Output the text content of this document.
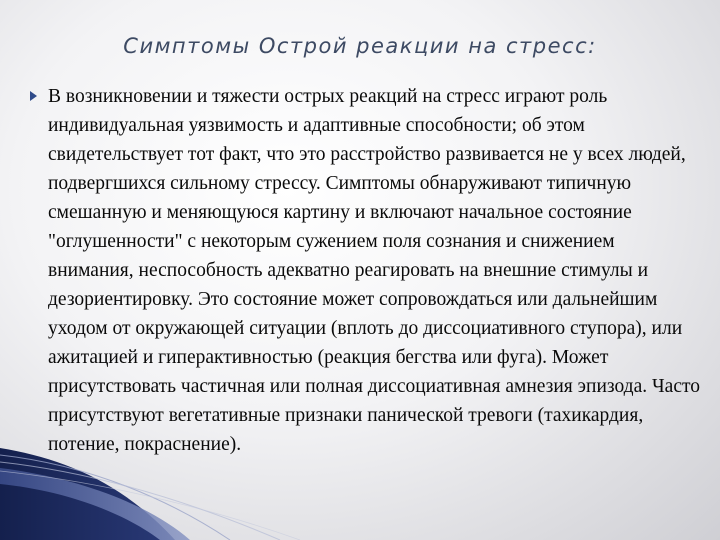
Симптомы Острой реакции на стресс:

В возникновении и тяжести острых реакций на стресс играют роль индивидуальная уязвимость и адаптивные способности; об этом свидетельствует тот факт, что это расстройство развивается не у всех людей, подвергшихся сильному стрессу. Симптомы обнаруживают типичную смешанную и меняющуюся картину и включают начальное состояние "оглушенности" с некоторым сужением поля сознания и снижением внимания, неспособность адекватно реагировать на внешние стимулы и дезориентировку. Это состояние может сопровождаться или дальнейшим уходом от окружающей ситуации (вплоть до диссоциативного ступора), или ажитацией и гиперактивностью (реакция бегства или фуга). Может присутствовать частичная или полная диссоциативная амнезия эпизода. Часто присутствуют вегетативные признаки панической тревоги (тахикардия, потение, покраснение).
